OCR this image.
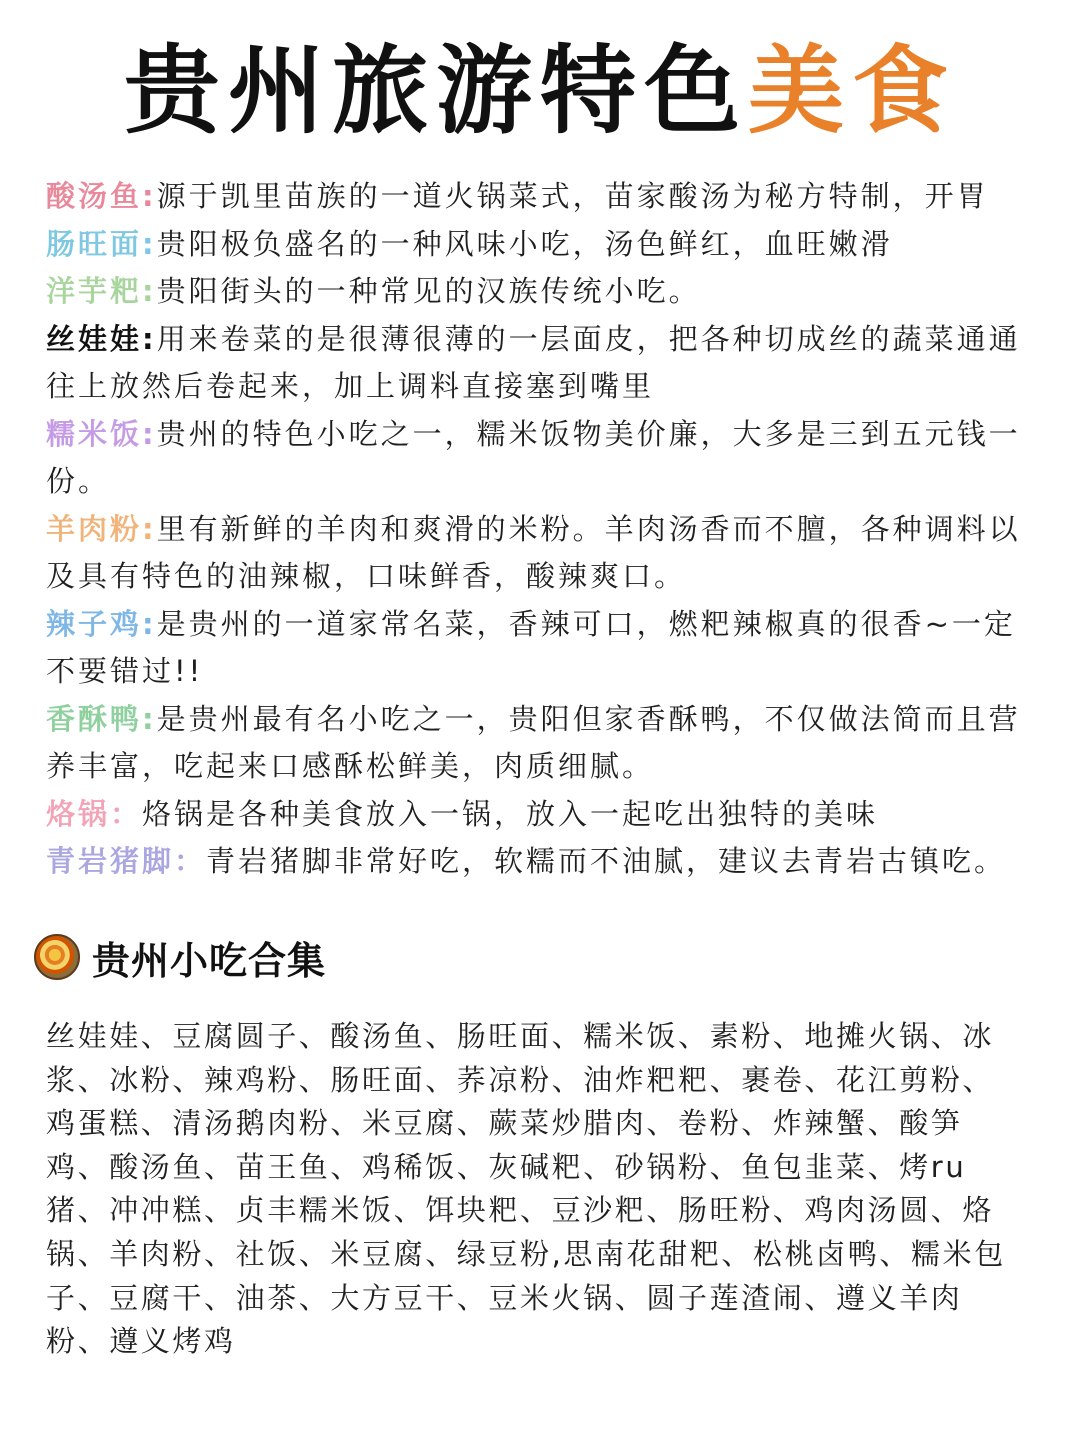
贵州旅游特色美食
酸汤鱼:源于凯里苗族的一道火锅菜式，苗家酸汤为秘方特制，开胃
肠旺面:贵阳极负盛名的一种风味小吃，汤色鲜红，血旺嫩滑
洋芋粑:贵阳街头的一种常见的汉族传统小吃。
丝娃娃:用来卷菜的是很薄很薄的一层面皮，把各种切成丝的蔬菜通通往上放然后卷起来，加上调料直接塞到嘴里
糯米饭:贵州的特色小吃之一，糯米饭物美价廉，大多是三到五元钱一份。
羊肉粉:里有新鲜的羊肉和爽滑的米粉。羊肉汤香而不膻，各种调料以及具有特色的油辣椒，口味鲜香，酸辣爽口。
辣子鸡:是贵州的一道家常名菜，香辣可口，燃粑辣椒真的很香~一定不要错过!!
香酥鸭:是贵州最有名小吃之一，贵阳但家香酥鸭，不仅做法简而且营养丰富，吃起来口感酥松鲜美，肉质细腻。
烙锅：烙锅是各种美食放入一锅，放入一起吃出独特的美味
青岩猪脚：青岩猪脚非常好吃，软糯而不油腻，建议去青岩古镇吃。
贵州小吃合集
丝娃娃、豆腐圆子、酸汤鱼、肠旺面、糯米饭、素粉、地摊火锅、冰浆、冰粉、辣鸡粉、肠旺面、荞凉粉、油炸粑粑、裹卷、花江剪粉、鸡蛋糕、清汤鹅肉粉、米豆腐、蕨菜炒腊肉、卷粉、炸辣蟹、酸笋鸡、酸汤鱼、苗王鱼、鸡稀饭、灰碱粑、砂锅粉、鱼包韭菜、烤ru猪、冲冲糕、贞丰糯米饭、饵块粑、豆沙粑、肠旺粉、鸡肉汤圆、烙锅、羊肉粉、社饭、米豆腐、绿豆粉,思南花甜粑、松桃卤鸭、糯米包子、豆腐干、油茶、大方豆干、豆米火锅、圆子莲渣闹、遵义羊肉粉、遵义烤鸡
